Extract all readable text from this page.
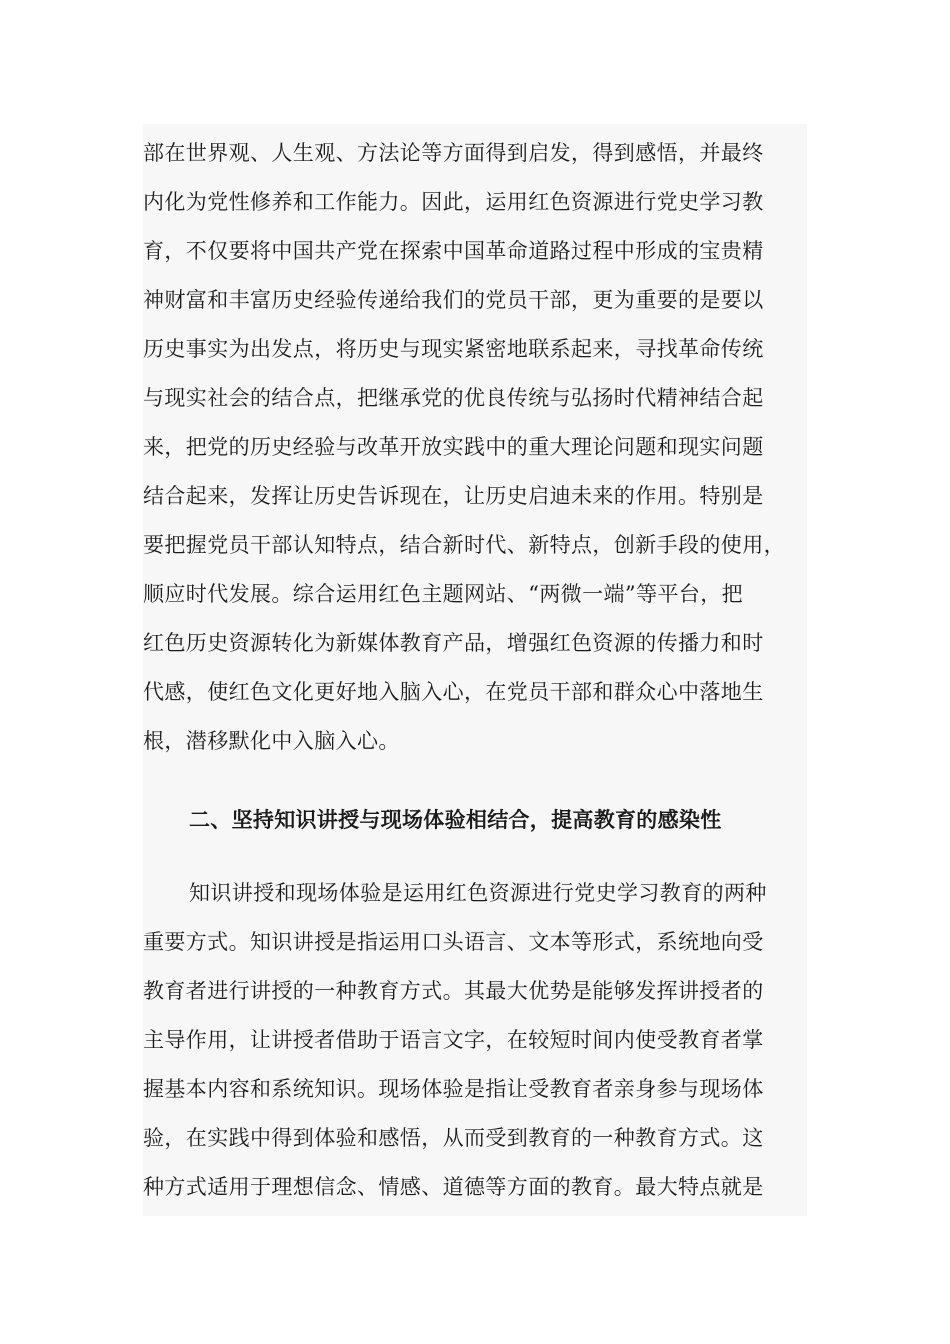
部在世界观、人生观、方法论等方面得到启发，得到感悟，并最终
内化为党性修养和工作能力。因此，运用红色资源进行党史学习教
育，不仅要将中国共产党在探索中国革命道路过程中形成的宝贵精
神财富和丰富历史经验传递给我们的党员干部，更为重要的是要以
历史事实为出发点，将历史与现实紧密地联系起来，寻找革命传统
与现实社会的结合点，把继承党的优良传统与弘扬时代精神结合起
来，把党的历史经验与改革开放实践中的重大理论问题和现实问题
结合起来，发挥让历史告诉现在，让历史启迪未来的作用。特别是
要把握党员干部认知特点，结合新时代、新特点，创新手段的使用，
顺应时代发展。综合运用红色主题网站、“两微一端”等平台，把
红色历史资源转化为新媒体教育产品，增强红色资源的传播力和时
代感，使红色文化更好地入脑入心，在党员干部和群众心中落地生
根，潜移默化中入脑入心。
二、坚持知识讲授与现场体验相结合，提高教育的感染性
知识讲授和现场体验是运用红色资源进行党史学习教育的两种
重要方式。知识讲授是指运用口头语言、文本等形式，系统地向受
教育者进行讲授的一种教育方式。其最大优势是能够发挥讲授者的
主导作用，让讲授者借助于语言文字，在较短时间内使受教育者掌
握基本内容和系统知识。现场体验是指让受教育者亲身参与现场体
验，在实践中得到体验和感悟，从而受到教育的一种教育方式。这
种方式适用于理想信念、情感、道德等方面的教育。最大特点就是
